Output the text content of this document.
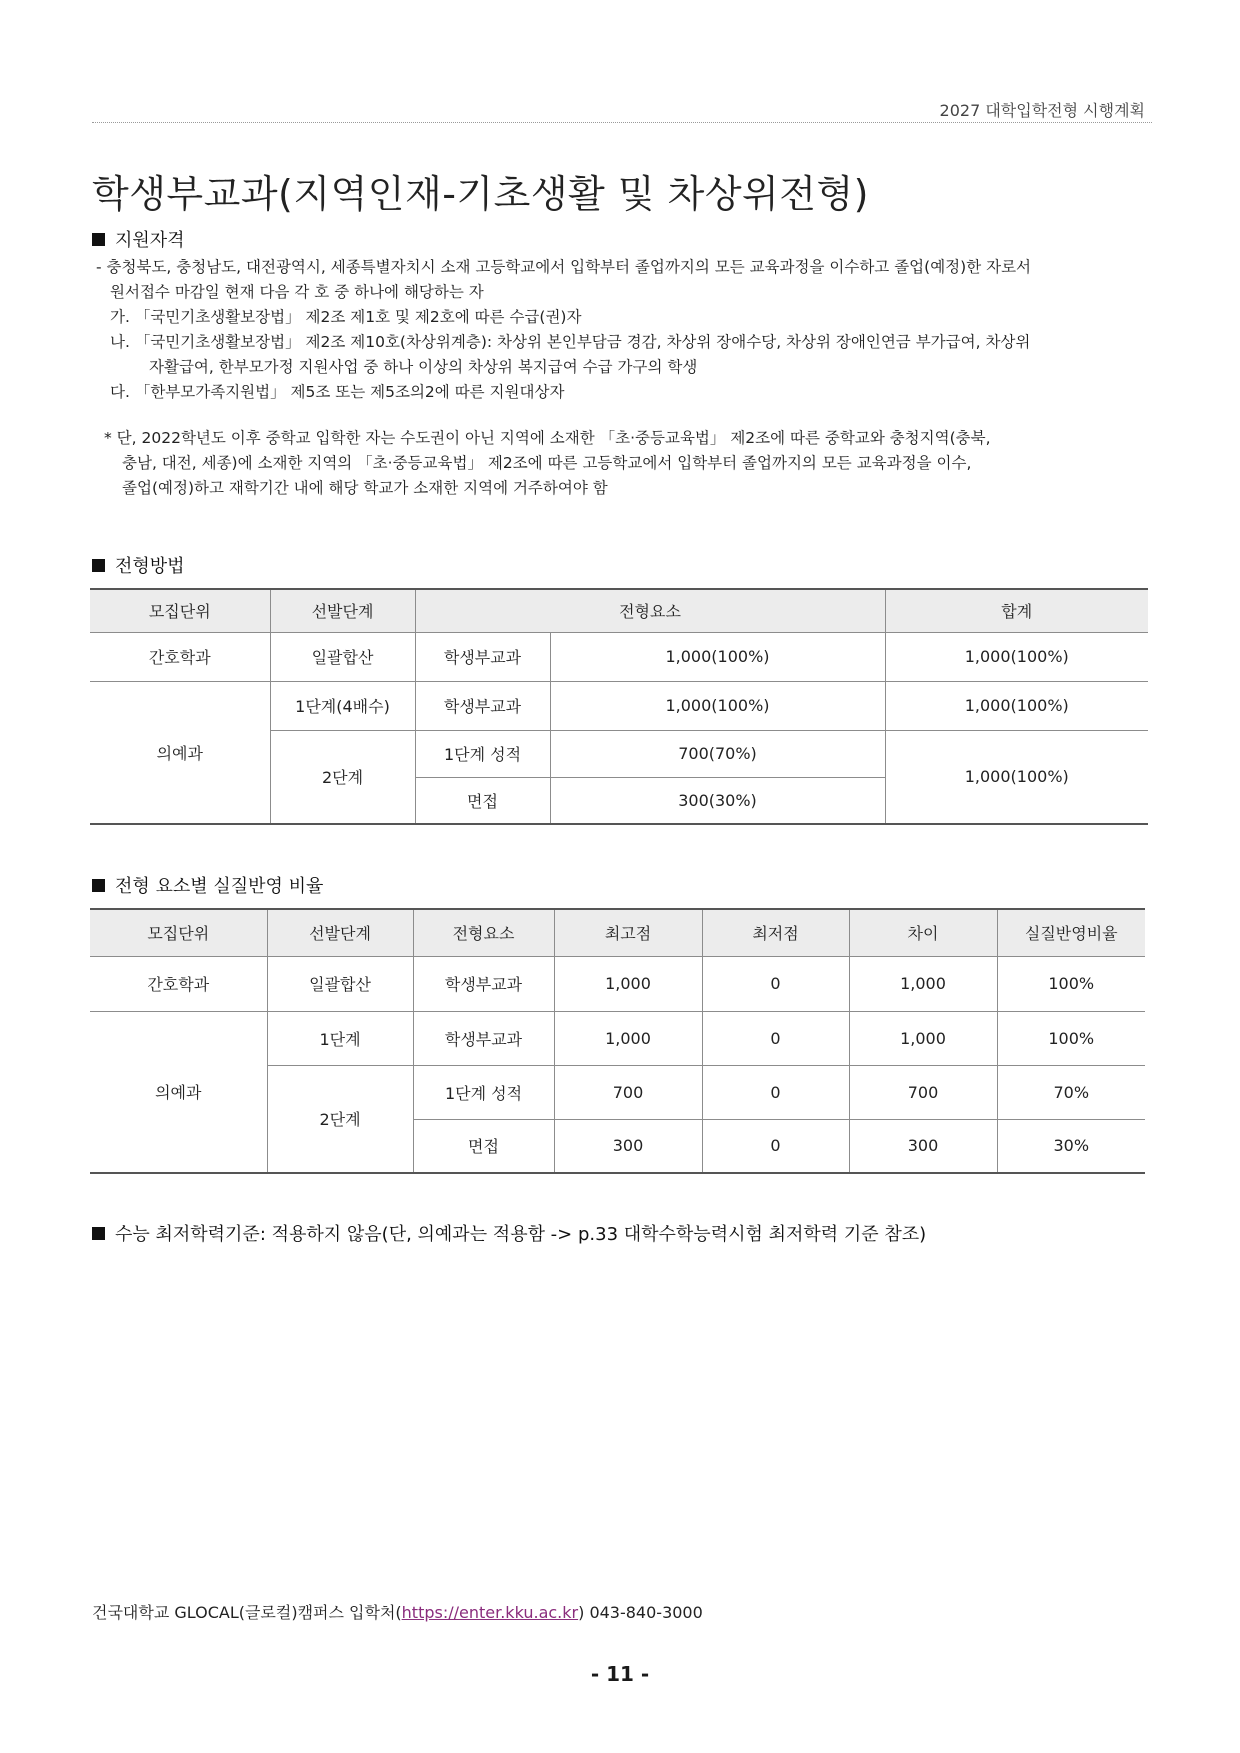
2027 대학입학전형 시행계획
학생부교과(지역인재-기초생활 및 차상위전형)
지원자격
- 충청북도, 충청남도, 대전광역시, 세종특별자치시 소재 고등학교에서 입학부터 졸업까지의 모든 교육과정을 이수하고 졸업(예정)한 자로서
원서접수 마감일 현재 다음 각 호 중 하나에 해당하는 자
가. 「국민기초생활보장법」 제2조 제1호 및 제2호에 따른 수급(권)자
나. 「국민기초생활보장법」 제2조 제10호(차상위계층): 차상위 본인부담금 경감, 차상위 장애수당, 차상위 장애인연금 부가급여, 차상위
자활급여, 한부모가정 지원사업 중 하나 이상의 차상위 복지급여 수급 가구의 학생
다. 「한부모가족지원법」 제5조 또는 제5조의2에 따른 지원대상자
* 단, 2022학년도 이후 중학교 입학한 자는 수도권이 아닌 지역에 소재한 「초·중등교육법」 제2조에 따른 중학교와 충청지역(충북,
충남, 대전, 세종)에 소재한 지역의 「초·중등교육법」 제2조에 따른 고등학교에서 입학부터 졸업까지의 모든 교육과정을 이수,
졸업(예정)하고 재학기간 내에 해당 학교가 소재한 지역에 거주하여야 함
전형방법
모집단위	선발단계	전형요소		합계
간호학과	일괄합산	학생부교과	1,000(100%)	1,000(100%)
의예과	1단계(4배수)	학생부교과	1,000(100%)	1,000(100%)
	2단계	1단계 성적	700(70%)	1,000(100%)
		면접	300(30%)	
전형 요소별 실질반영 비율
모집단위	선발단계	전형요소	최고점	최저점	차이	실질반영비율
간호학과	일괄합산	학생부교과	1,000	0	1,000	100%
의예과	1단계	학생부교과	1,000	0	1,000	100%
	2단계	1단계 성적	700	0	700	70%
		면접	300	0	300	30%
수능 최저학력기준: 적용하지 않음(단, 의예과는 적용함 -> p.33 대학수학능력시험 최저학력 기준 참조)
건국대학교 GLOCAL(글로컬)캠퍼스 입학처(https://enter.kku.ac.kr) 043-840-3000
- 11 -
